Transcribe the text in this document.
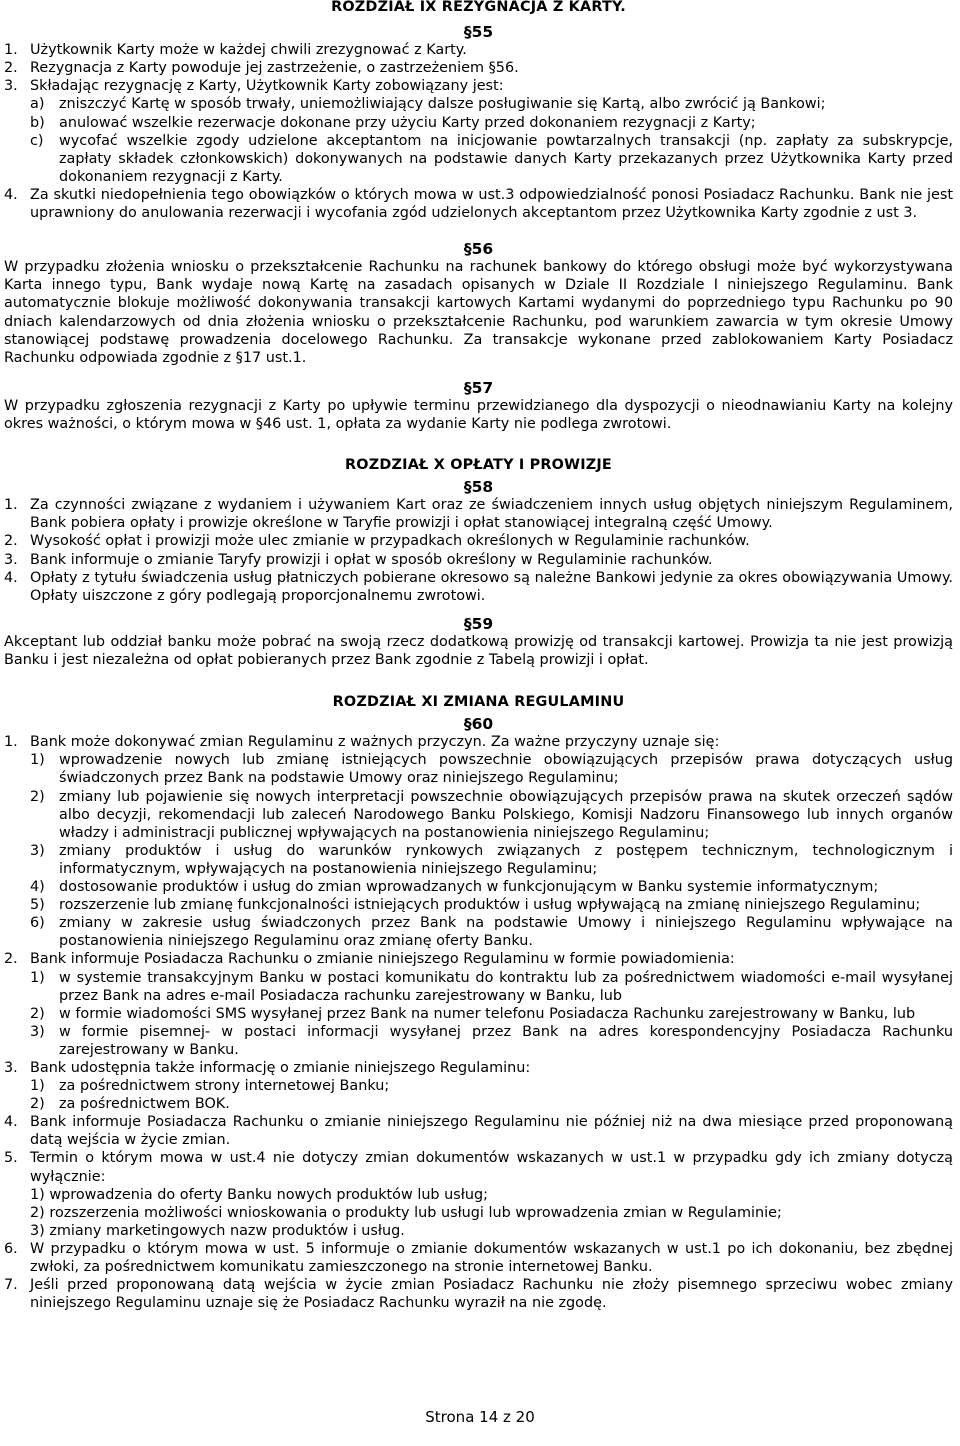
ROZDZIAŁ IX REZYGNACJA Z KARTY.
§55
1. Użytkownik Karty może w każdej chwili zrezygnować z Karty.
2. Rezygnacja z Karty powoduje jej zastrzeżenie, o zastrzeżeniem §56.
3. Składając rezygnację z Karty, Użytkownik Karty zobowiązany jest:
a)	zniszczyć Kartę w sposób trwały, uniemożliwiający dalsze posługiwanie się Kartą, albo zwrócić ją Bankowi;
b) anulować wszelkie rezerwacje dokonane przy użyciu Karty przed dokonaniem rezygnacji z Karty;
c)	wycofać wszelkie zgody udzielone akceptantom na inicjowanie powtarzalnych transakcji (np. zapłaty za subskrypcje, zapłaty składek członkowskich) dokonywanych na podstawie danych Karty przekazanych przez Użytkownika Karty przed dokonaniem rezygnacji z Karty.
4. Za skutki niedopełnienia tego obowiązków o których mowa w ust.3 odpowiedzialność ponosi Posiadacz Rachunku. Bank nie jest uprawniony do anulowania rezerwacji i wycofania zgód udzielonych akceptantom przez Użytkownika Karty zgodnie z ust 3.
§56

W przypadku złożenia wniosku o przekształcenie Rachunku na rachunek bankowy do którego obsługi może być wykorzystywana Karta innego typu, Bank wydaje nową Kartę na zasadach opisanych w Dziale II Rozdziale I niniejszego Regulaminu. Bank automatycznie blokuje możliwość dokonywania transakcji kartowych Kartami wydanymi do poprzedniego typu Rachunku po 90 dniach kalendarzowych od dnia złożenia wniosku o przekształcenie Rachunku, pod warunkiem zawarcia w tym okresie Umowy stanowiącej podstawę prowadzenia docelowego Rachunku. Za transakcje wykonane przed zablokowaniem Karty Posiadacz Rachunku odpowiada zgodnie z §17 ust.1.

§57

W przypadku zgłoszenia rezygnacji z Karty po upływie terminu przewidzianego dla dyspozycji o nieodnawianiu Karty na kolejny okres ważności, o którym mowa w §46 ust. 1, opłata za wydanie Karty nie podlega zwrotowi.

ROZDZIAŁ X OPŁATY I PROWIZJE
§58
1. Za czynności związane z wydaniem i używaniem Kart oraz ze świadczeniem innych usług objętych niniejszym Regulaminem, Bank pobiera opłaty i prowizje określone w Taryfie prowizji i opłat stanowiącej integralną część Umowy.
2. Wysokość opłat i prowizji może ulec zmianie w przypadkach określonych w Regulaminie rachunków.
3. Bank informuje o zmianie Taryfy prowizji i opłat w sposób określony w Regulaminie rachunków.
4. Opłaty z tytułu świadczenia usług płatniczych pobierane okresowo są należne Bankowi jedynie za okres obowiązywania Umowy. Opłaty uiszczone z góry podlegają proporcjonalnemu zwrotowi.
§59

Akceptant lub oddział banku może pobrać na swoją rzecz dodatkową prowizję od transakcji kartowej. Prowizja ta nie jest prowizją Banku i jest niezależna od opłat pobieranych przez Bank zgodnie z Tabelą prowizji i opłat.

ROZDZIAŁ XI ZMIANA REGULAMINU
§60
1. Bank może dokonywać zmian Regulaminu z ważnych przyczyn. Za ważne przyczyny uznaje się:
1) wprowadzenie nowych lub zmianę istniejących powszechnie obowiązujących przepisów prawa dotyczących usług świadczonych przez Bank na podstawie Umowy oraz niniejszego Regulaminu;
2) zmiany lub pojawienie się nowych interpretacji powszechnie obowiązujących przepisów prawa na skutek orzeczeń sądów albo decyzji, rekomendacji lub zaleceń Narodowego Banku Polskiego, Komisji Nadzoru Finansowego lub innych organów władzy i administracji publicznej wpływających na postanowienia niniejszego Regulaminu;
3) zmiany produktów i usług do warunków rynkowych związanych z postępem technicznym, technologicznym i informatycznym, wpływających na postanowienia niniejszego Regulaminu;
4) dostosowanie produktów i usług do zmian wprowadzanych w funkcjonującym w Banku systemie informatycznym;
5) rozszerzenie lub zmianę funkcjonalności istniejących produktów i usług wpływającą na zmianę niniejszego Regulaminu;
6) zmiany w zakresie usług świadczonych przez Bank na podstawie Umowy i niniejszego Regulaminu wpływające na postanowienia niniejszego Regulaminu oraz zmianę oferty Banku.
2. Bank informuje Posiadacza Rachunku o zmianie niniejszego Regulaminu w formie powiadomienia:
1) w systemie transakcyjnym Banku w postaci komunikatu do kontraktu lub za pośrednictwem wiadomości e-mail wysyłanej przez Bank na adres e-mail Posiadacza rachunku zarejestrowany w Banku, lub
2) w formie wiadomości SMS wysyłanej przez Bank na numer telefonu Posiadacza Rachunku zarejestrowany w Banku, lub
3) w formie pisemnej- w postaci informacji wysyłanej przez Bank na adres korespondencyjny Posiadacza Rachunku zarejestrowany w Banku.
3. Bank udostępnia także informację o zmianie niniejszego Regulaminu:
1) za pośrednictwem strony internetowej Banku;
2) za pośrednictwem BOK.
4. Bank informuje Posiadacza Rachunku o zmianie niniejszego Regulaminu nie później niż na dwa miesiące przed proponowaną datą wejścia w życie zmian.
5. Termin o którym mowa w ust.4 nie dotyczy zmian dokumentów wskazanych w ust.1 w przypadku gdy ich zmiany dotyczą wyłącznie:
1) wprowadzenia do oferty Banku nowych produktów lub usług;
2) rozszerzenia możliwości wnioskowania o produkty lub usługi lub wprowadzenia zmian w Regulaminie;
3) zmiany marketingowych nazw produktów i usług.
6. W przypadku o którym mowa w ust. 5 informuje o zmianie dokumentów wskazanych w ust.1 po ich dokonaniu, bez zbędnej zwłoki, za pośrednictwem komunikatu zamieszczonego na stronie internetowej Banku.
7. Jeśli przed proponowaną datą wejścia w życie zmian Posiadacz Rachunku nie złoży pisemnego sprzeciwu wobec zmiany niniejszego Regulaminu uznaje się że Posiadacz Rachunku wyraził na nie zgodę.
Strona 14 z 20
